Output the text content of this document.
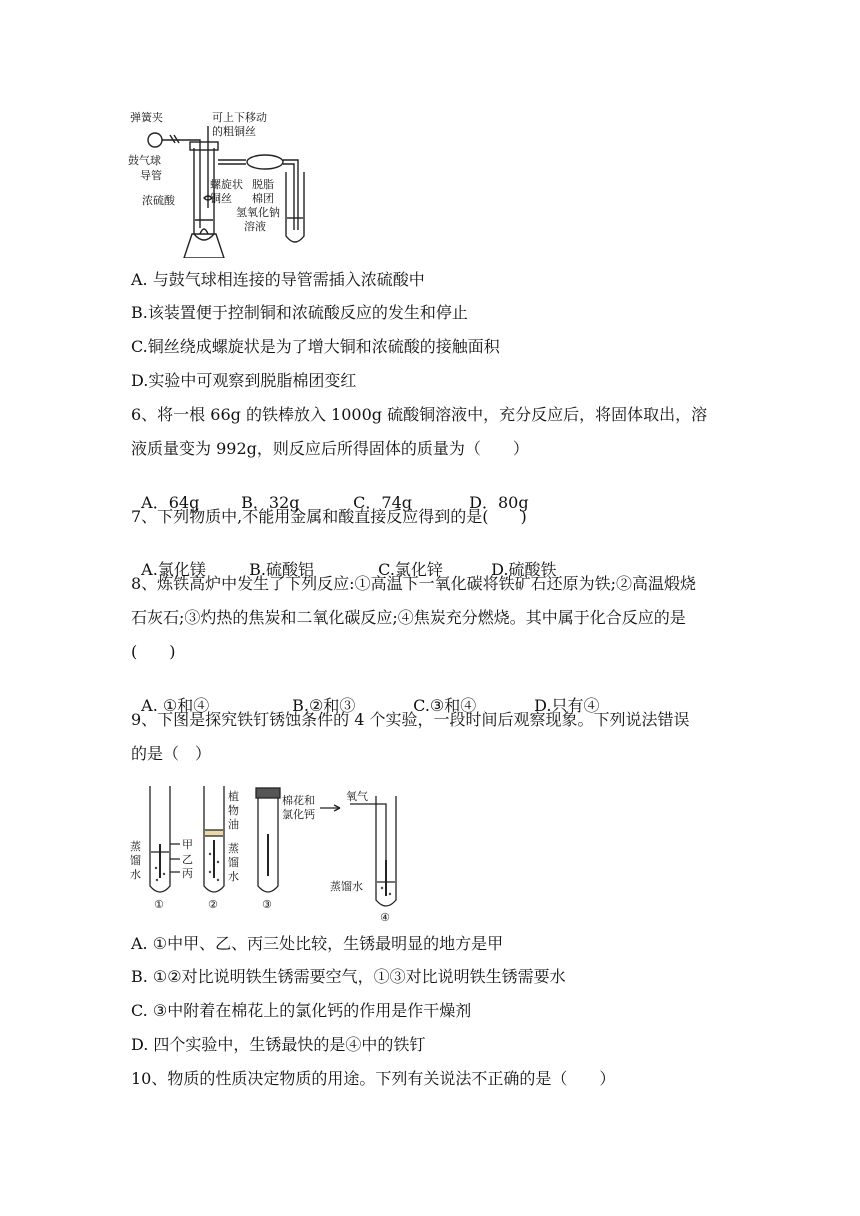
弹簧夹	可上下移动
的粗铜丝
鼓气球
导管
螺旋状
铜丝
浓硫酸
脱脂
棉团
氢氧化钠
溶液
A. 与鼓气球相连接的导管需插入浓硫酸中
B.该装置便于控制铜和浓硫酸反应的发生和停止
C.铜丝绕成螺旋状是为了增大铜和浓硫酸的接触面积
D.实验中可观察到脱脂棉团变红
6、将一根 66g 的铁棒放入 1000g 硫酸铜溶液中，充分反应后，将固体取出，溶
液质量变为 992g，则反应后所得固体的质量为（　　）

A．64g	B．32g	C．74g	D．80g

7、下列物质中,不能用金属和酸直接反应得到的是(　　)

A.氯化镁	B.硫酸铝	C.氯化锌	D.硫酸铁

8、炼铁高炉中发生了下列反应:①高温下一氧化碳将铁矿石还原为铁;②高温煅烧
石灰石;③灼热的焦炭和二氧化碳反应;④焦炭充分燃烧。其中属于化合反应的是
(　　)

A. ①和④	B.②和③	C.③和④	D.只有④

9、下图是探究铁钉锈蚀条件的 4 个实验，一段时间后观察现象。下列说法错误
的是（　）
蒸
馏
水
甲
乙
丙
植
物
油
蒸
馏
水
棉花和
氯化钙
氧气
蒸馏水
①	②	③
④
A. ①中甲、乙、丙三处比较，生锈最明显的地方是甲
B. ①②对比说明铁生锈需要空气，①③对比说明铁生锈需要水
C. ③中附着在棉花上的氯化钙的作用是作干燥剂
D. 四个实验中，生锈最快的是④中的铁钉
10、物质的性质决定物质的用途。下列有关说法不正确的是（　　）
